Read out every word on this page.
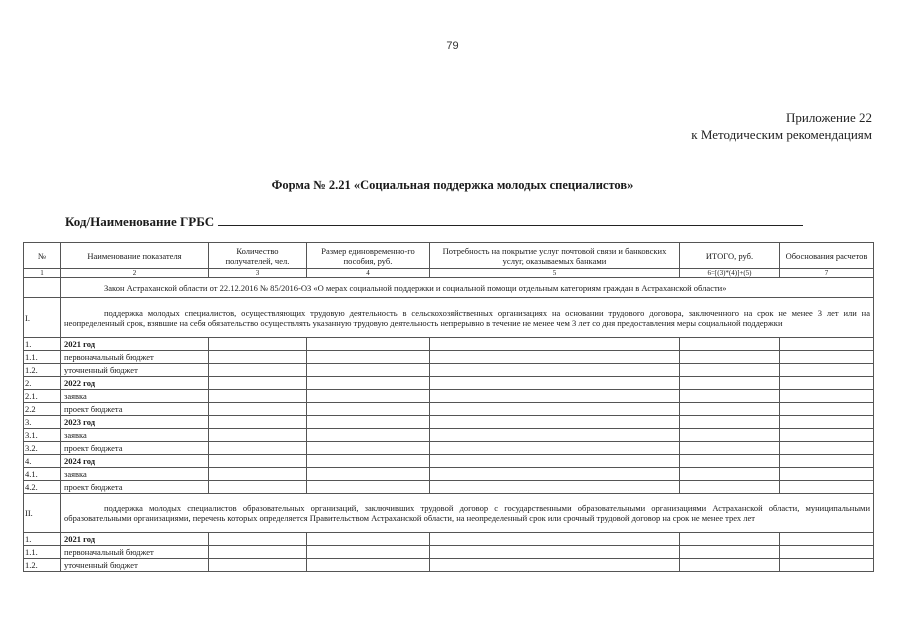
79
Приложение 22
к Методическим рекомендациям
Форма № 2.21 «Социальная поддержка молодых специалистов»
Код/Наименование ГРБС
№	Наименование показателя	Количество получателей, чел.	Размер единовременно-го пособия, руб.	Потребность на покрытие услуг почтовой связи и банковских услуг, оказываемых банками	ИТОГО, руб.	Обоснования расчетов
1	2	3	4	5	6=[(3)*(4)]+(5)	7
	Закон Астраханской области от 22.12.2016 № 85/2016-ОЗ «О мерах социальной поддержки и социальной помощи отдельным категориям граждан в Астраханской области»					
I.	поддержка молодых специалистов, осуществляющих трудовую деятельность в сельскохозяйственных организациях на основании трудового договора, заключенного на срок не менее 3 лет или на неопределенный срок, взявшие на себя обязательство осуществлять указанную трудовую деятельность непрерывно в течение не менее чем 3 лет со дня предоставления меры социальной поддержки					
1.	2021 год					
1.1.	первоначальный бюджет					
1.2.	уточненный бюджет					
2.	2022 год					
2.1.	заявка					
2.2	проект бюджета					
3.	2023 год					
3.1.	заявка					
3.2.	проект бюджета					
4.	2024 год					
4.1.	заявка					
4.2.	проект бюджета					
II.	поддержка молодых специалистов образовательных организаций, заключивших трудовой договор с государственными образовательными организациями Астраханской области, муниципальными образовательными организациями, перечень которых определяется Правительством Астраханской области, на неопределенный срок или срочный трудовой договор на срок не менее трех лет					
1.	2021 год					
1.1.	первоначальный бюджет					
1.2.	уточненный бюджет					
